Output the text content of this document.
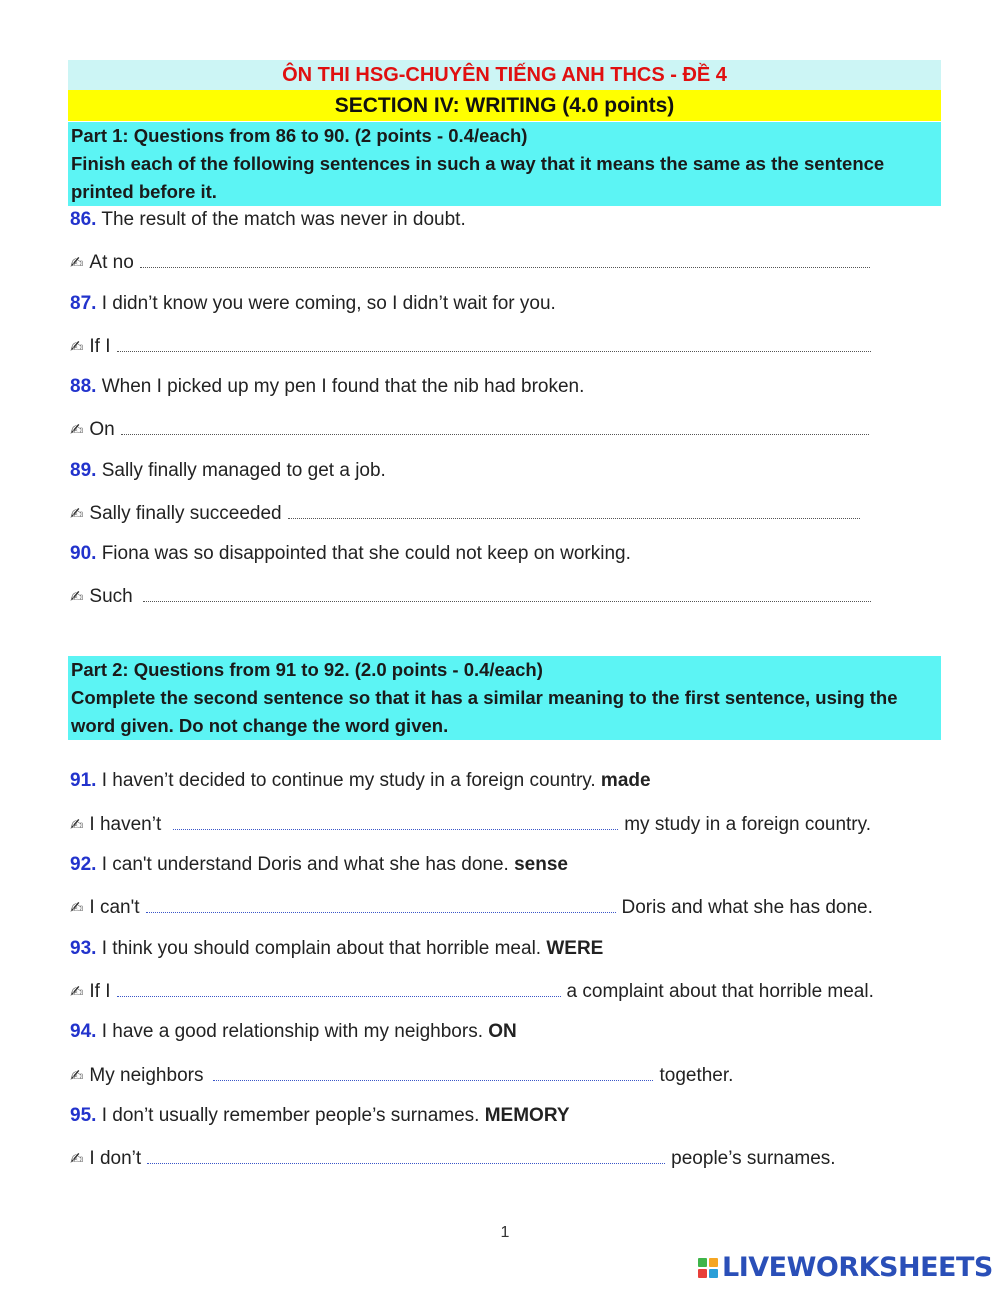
ÔN THI HSG-CHUYÊN TIẾNG ANH THCS - ĐỀ 4
SECTION IV: WRITING (4.0 points)
Part 1: Questions from 86 to 90. (2 points - 0.4/each)
Finish each of the following sentences in such a way that it means the same as the sentence printed before it.
86. The result of the match was never in doubt.
✍ At no
87. I didn’t know you were coming, so I didn’t wait for you.
✍ If I
88. When I picked up my pen I found that the nib had broken.
✍ On
89. Sally finally managed to get a job.
✍ Sally finally succeeded
90. Fiona was so disappointed that she could not keep on working.
✍ Such
Part 2: Questions from 91 to 92. (2.0 points - 0.4/each)
Complete the second sentence so that it has a similar meaning to the first sentence, using the word given. Do not change the word given.
91. I haven’t decided to continue my study in a foreign country. made
✍ I haven’t	my study in a foreign country.
92. I can't understand Doris and what she has done. sense
✍ I can't	Doris and what she has done.
93. I think you should complain about that horrible meal. WERE
✍ If I	a complaint about that horrible meal.
94. I have a good relationship with my neighbors. ON
✍ My neighbors	together.
95. I don’t usually remember people’s surnames. MEMORY
✍ I don’t	people’s surnames.
1
LIVEWORKSHEETS
